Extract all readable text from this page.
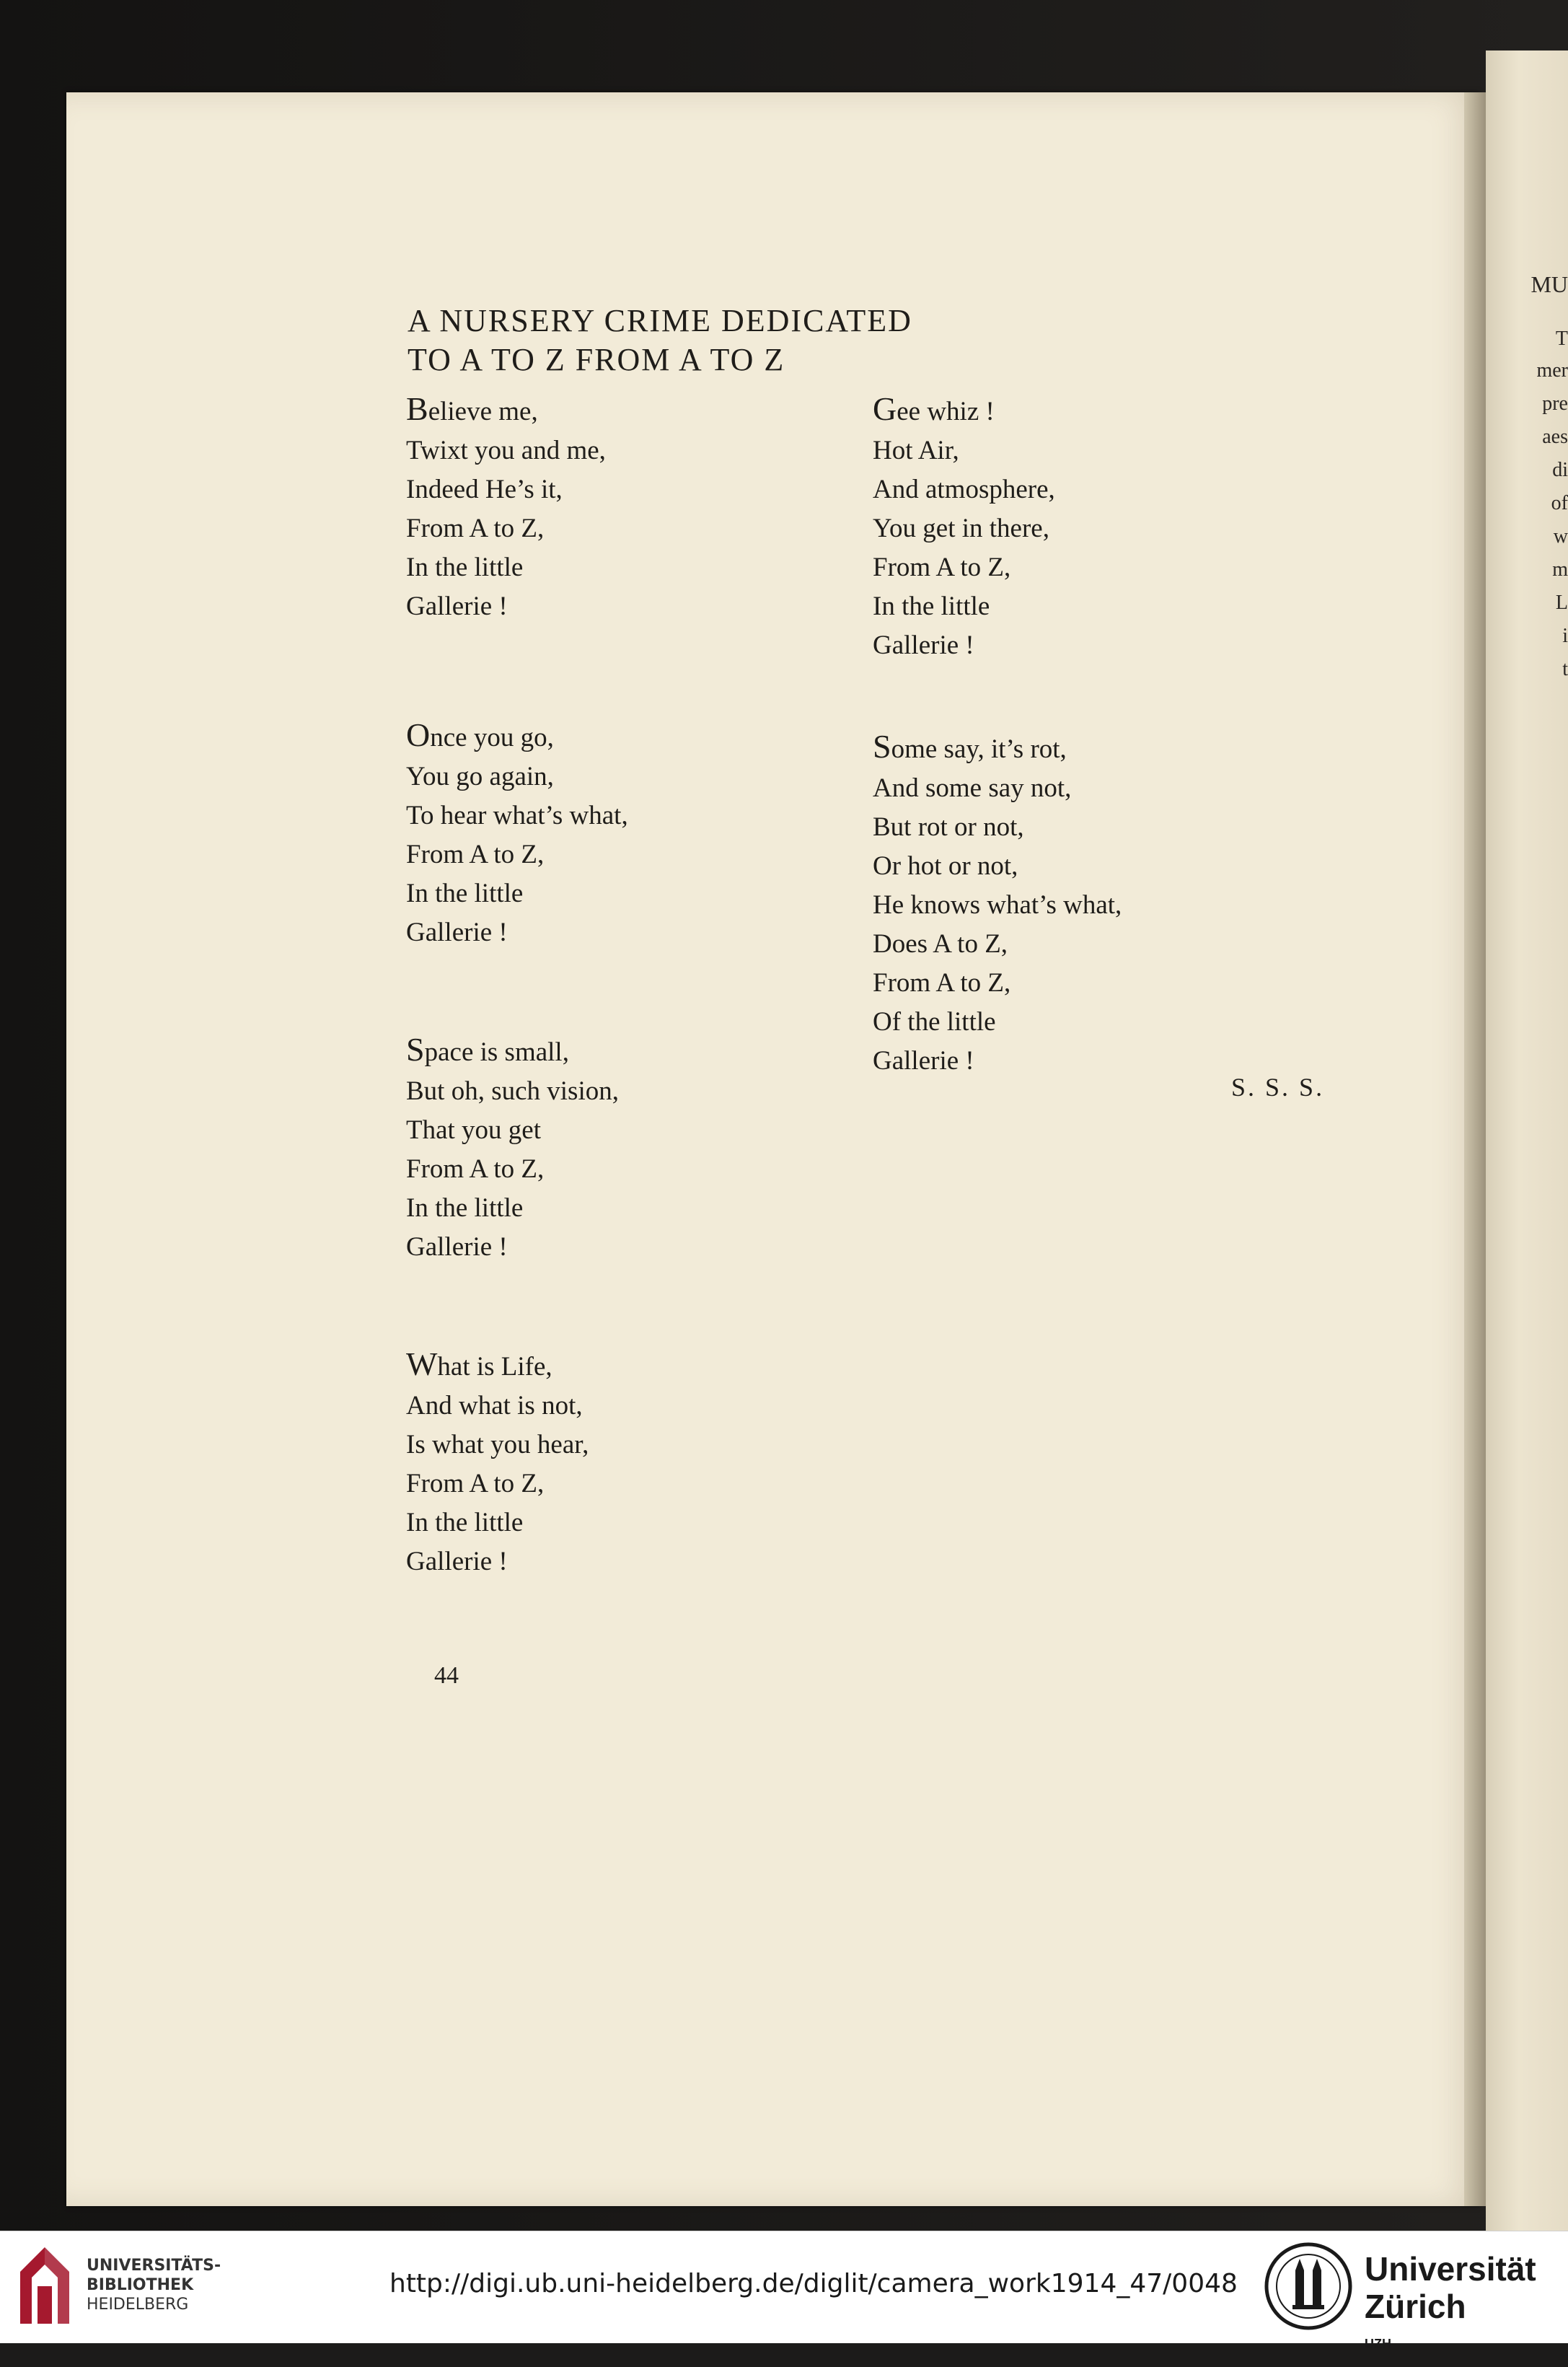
MU
T
mer
pre
aes
di
of
w
m
L
i
t
A NURSERY CRIME DEDICATED
TO A TO Z FROM A TO Z
Believe me,
Twixt you and me,
Indeed He’s it,
From A to Z,
In the little
Gallerie !
Once you go,
You go again,
To hear what’s what,
From A to Z,
In the little
Gallerie !
Space is small,
But oh, such vision,
That you get
From A to Z,
In the little
Gallerie !
What is Life,
And what is not,
Is what you hear,
From A to Z,
In the little
Gallerie !
Gee whiz !
Hot Air,
And atmosphere,
You get in there,
From A to Z,
In the little
Gallerie !
Some say, it’s rot,
And some say not,
But rot or not,
Or hot or not,
He knows what’s what,
Does A to Z,
From A to Z,
Of the little
Gallerie !
S. S. S.
44
UNIVERSITÄTS-
BIBLIOTHEK
HEIDELBERG
http://digi.ub.uni-heidelberg.de/diglit/camera_work1914_47/0048	Universität
Zürich
$^{UZH}$
